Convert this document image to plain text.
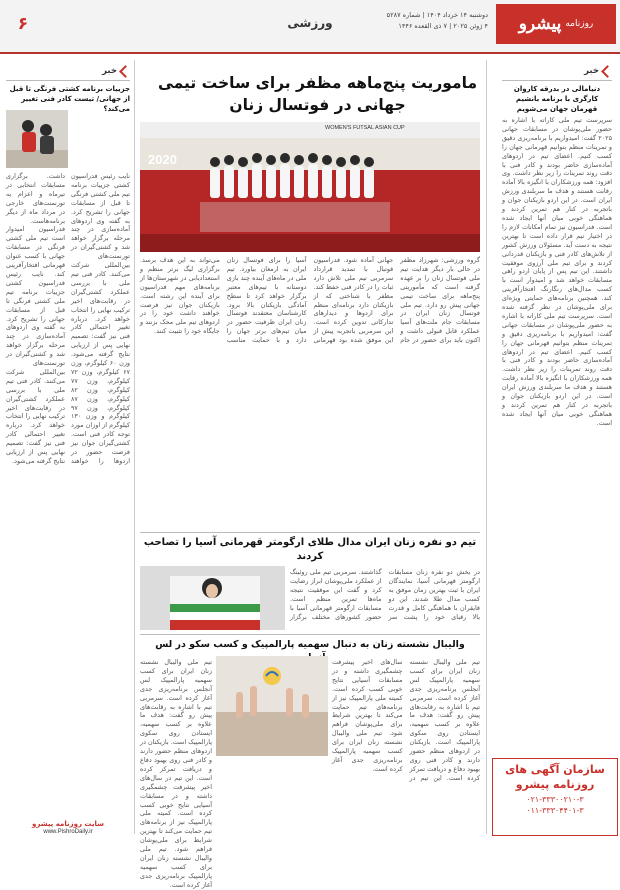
روزنامه
پیشرو
دوشنبه ۱۴ خرداد ۱۴۰۴ | شماره ۵۲۸۷
۴ ژوئن ۲۰۲۵ | ۷ ذی القعده ۱۴۴۶
ورزشی
۶
خبر
دنیامالی در بدرقه کاروان کارگری با برنامه بانشیم قهرمان جهان می‌شویم
سرپرست تیم ملی کاراته با اشاره به حضور ملی‌پوشان در مسابقات جهانی ۲۰۲۵ گفت: امیدواریم با برنامه‌ریزی دقیق و تمرینات منظم بتوانیم قهرمانی جهان را کسب کنیم. اعضای تیم در اردوهای آماده‌سازی حاضر بودند و کادر فنی با دقت روند تمرینات را زیر نظر داشت. وی افزود: همه ورزشکاران با انگیزه بالا آماده رقابت هستند و هدف ما سربلندی ورزش ایران است. در این اردو بازیکنان جوان و باتجربه در کنار هم تمرین کردند و هماهنگی خوبی میان آنها ایجاد شده است. فدراسیون نیز تمام امکانات لازم را در اختیار تیم قرار داده است تا بهترین نتیجه به دست آید. مسئولان ورزش کشور از تلاش‌های کادر فنی و بازیکنان قدردانی کردند و برای تیم ملی آرزوی موفقیت داشتند. این تیم پس از پایان اردو راهی مسابقات خواهد شد و امیدوار است با کسب مدال‌های رنگارنگ افتخارآفرینی کند. همچنین برنامه‌های حمایتی ویژه‌ای برای ملی‌پوشان در نظر گرفته شده است. سرپرست تیم ملی کاراته با اشاره به حضور ملی‌پوشان در مسابقات جهانی گفت: امیدواریم با برنامه‌ریزی دقیق و تمرینات منظم بتوانیم قهرمانی جهان را کسب کنیم. اعضای تیم در اردوهای آماده‌سازی حاضر بودند و کادر فنی با دقت روند تمرینات را زیر نظر داشت. همه ورزشکاران با انگیزه بالا آماده رقابت هستند و هدف ما سربلندی ورزش ایران است. در این اردو بازیکنان جوان و باتجربه در کنار هم تمرین کردند و هماهنگی خوبی میان آنها ایجاد شده است.
سازمان آگهی های
روزنامه پیشرو
۰۲۱-۳۳۳۰۰۲۱۰-۳
۰۱۱-۳۳۳۰۴۴۰۱-۳
ماموریت پنج‌ماهه مظفر برای ساخت تیمی جهانی در فوتسال زنان
2020
WOMEN'S FUTSAL ASIAN CUP
گروه ورزشی: شهرزاد مظفر در حالی بار دیگر هدایت تیم ملی فوتسال زنان را بر عهده گرفته است که مأموریتی پنج‌ماهه برای ساخت تیمی جهانی پیش رو دارد. تیم ملی فوتسال زنان ایران در مسابقات جام ملت‌های آسیا عملکرد قابل قبولی داشت و اکنون باید برای حضور در جام جهانی آماده شود. فدراسیون فوتبال با تمدید قرارداد سرمربی تیم ملی تلاش دارد ثبات را در کادر فنی حفظ کند. مظفر با شناختی که از بازیکنان دارد برنامه‌ای منظم برای اردوها و دیدارهای تدارکاتی تدوین کرده است. این سرمربی باتجربه پیش از این موفق شده بود قهرمانی آسیا را برای فوتسال زنان ایران به ارمغان بیاورد. تیم ملی در ماه‌های آینده چند بازی دوستانه با تیم‌های معتبر برگزار خواهد کرد تا سطح آمادگی بازیکنان بالا برود. کارشناسان معتقدند فوتسال زنان ایران ظرفیت حضور در میان تیم‌های برتر جهان را دارد و با حمایت مناسب می‌تواند به این هدف برسد. برگزاری لیگ برتر منظم و استعدادیابی در شهرستان‌ها از برنامه‌های مهم فدراسیون برای آینده این رشته است. بازیکنان جوان نیز فرصت خواهند داشت خود را در اردوهای تیم ملی محک بزنند و جایگاه خود را تثبیت کنند.
تیم دو نفره زنان ایران مدال طلای ارگومتر قهرمانی آسیا را تصاحب کردند
در بخش دو نفره زنان مسابقات ارگومتر قهرمانی آسیا، نمایندگان ایران با ثبت بهترین زمان موفق به کسب مدال طلا شدند. این دو قایقران با هماهنگی کامل و قدرت بالا رقبای خود را پشت سر گذاشتند. سرمربی تیم ملی روئینگ از عملکرد ملی‌پوشان ابراز رضایت کرد و گفت این موفقیت نتیجه ماه‌ها تمرین منظم است. مسابقات ارگومتر قهرمانی آسیا با حضور کشورهای مختلف برگزار
والیبال نشسته زنان به دنبال سهمیه پارالمپیک و کسب سکو در لس
تیم ملی والیبال نشسته زنان ایران برای کسب سهمیه پارالمپیک لس آنجلس برنامه‌ریزی جدی آغاز کرده است. سرمربی تیم با اشاره به رقابت‌های پیش رو گفت: هدف ما علاوه بر کسب سهمیه، ایستادن روی سکوی پارالمپیک است. بازیکنان در اردوهای منظم حضور دارند و کادر فنی روی بهبود دفاع و دریافت تمرکز کرده است. این تیم در سال‌های اخیر پیشرفت چشمگیری داشته و در مسابقات آسیایی نتایج خوبی کسب کرده است. کمیته ملی پارالمپیک نیز از برنامه‌های تیم حمایت می‌کند تا بهترین شرایط برای ملی‌پوشان فراهم شود. تیم ملی والیبال نشسته زنان ایران برای کسب سهمیه پارالمپیک برنامه‌ریزی جدی آغاز کرده است.
تیم ملی والیبال نشسته زنان ایران برای کسب سهمیه پارالمپیک لس آنجلس برنامه‌ریزی جدی آغاز کرده است. سرمربی تیم با اشاره به رقابت‌های پیش رو گفت: هدف ما علاوه بر کسب سهمیه، ایستادن روی سکوی پارالمپیک است. بازیکنان در اردوهای منظم حضور دارند و کادر فنی روی بهبود دفاع و دریافت تمرکز کرده است. این تیم در سال‌های اخیر پیشرفت چشمگیری داشته و در مسابقات آسیایی نتایج خوبی کسب کرده است. کمیته ملی پارالمپیک نیز از برنامه‌های تیم حمایت می‌کند تا بهترین شرایط برای ملی‌پوشان فراهم شود. تیم ملی والیبال نشسته زنان ایران برای کسب سهمیه پارالمپیک برنامه‌ریزی جدی آغاز کرده است.
خبر
جزییات برنامه کشتی فرنگی تا قبل از جهانی/ تیست کادر فنی تغییر می‌کند؟
نایب رئیس فدراسیون کشتی جزییات برنامه تیم ملی کشتی فرنگی تا قبل از مسابقات جهانی را تشریح کرد. به گفته وی اردوهای آماده‌سازی در چند مرحله برگزار خواهد شد و کشتی‌گیران در تورنمنت‌های بین‌المللی شرکت می‌کنند. کادر فنی تیم ملی با بررسی عملکرد کشتی‌گیران در رقابت‌های اخیر ترکیب نهایی را انتخاب خواهد کرد. درباره تغییر احتمالی کادر فنی نیز گفت: تصمیم نهایی پس از ارزیابی نتایج گرفته می‌شود. وزن ۶۰ کیلوگرم، وزن ۶۷ کیلوگرم، وزن ۷۲ کیلوگرم، وزن ۷۷ کیلوگرم، وزن ۸۲ کیلوگرم، وزن ۸۷ کیلوگرم، وزن ۹۷ کیلوگرم و وزن ۱۳۰ کیلوگرم از اوزان مورد توجه کادر فنی است. کشتی‌گیران جوان نیز فرصت حضور در اردوها را خواهند داشت. برگزاری مسابقات انتخابی در تیرماه و اعزام به تورنمنت‌های خارجی در مرداد ماه از دیگر برنامه‌هاست. فدراسیون امیدوار است تیم ملی کشتی فرنگی در مسابقات جهانی با کسب عنوان قهرمانی افتخارآفرینی کند. نایب رئیس فدراسیون کشتی جزییات برنامه تیم ملی کشتی فرنگی تا قبل از مسابقات جهانی را تشریح کرد. به گفته وی اردوهای آماده‌سازی در چند مرحله برگزار خواهد شد و کشتی‌گیران در تورنمنت‌های بین‌المللی شرکت می‌کنند. کادر فنی تیم ملی با بررسی عملکرد کشتی‌گیران در رقابت‌های اخیر ترکیب نهایی را انتخاب خواهد کرد. درباره تغییر احتمالی کادر فنی نیز گفت: تصمیم نهایی پس از ارزیابی نتایج گرفته می‌شود.
سایت روزنامه پیشرو
www.PishroDaily.ir
